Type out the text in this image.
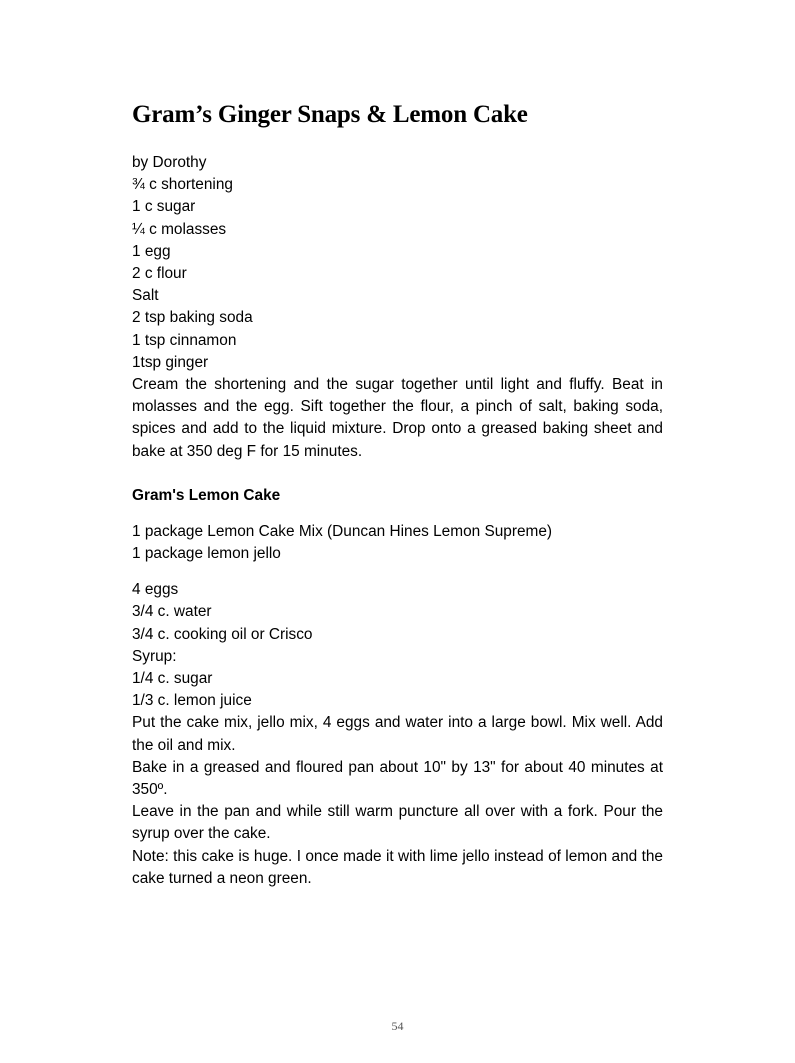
Gram’s Ginger Snaps & Lemon Cake

by Dorothy

¾ c shortening

1 c sugar

¼ c molasses

1 egg

2 c flour

Salt

2 tsp baking soda

1 tsp cinnamon

1tsp ginger

Cream the shortening and the sugar together until light and fluffy. Beat in molasses and the egg. Sift together the flour, a pinch of salt, baking soda, spices and add to the liquid mixture. Drop onto a greased baking sheet and bake at 350 deg F for 15 minutes.

Gram's Lemon Cake

1 package Lemon Cake Mix (Duncan Hines Lemon Supreme)

1 package lemon jello

4 eggs

3/4 c. water

3/4 c. cooking oil or Crisco

Syrup:

1/4 c. sugar

1/3 c. lemon juice

Put the cake mix, jello mix, 4 eggs and water into a large bowl. Mix well. Add the oil and mix.

Bake in a greased and floured pan about 10" by 13" for about 40 minutes at 350º.

Leave in the pan and while still warm puncture all over with a fork. Pour the syrup over the cake.

Note: this cake is huge. I once made it with lime jello instead of lemon and the cake turned a neon green.

54
